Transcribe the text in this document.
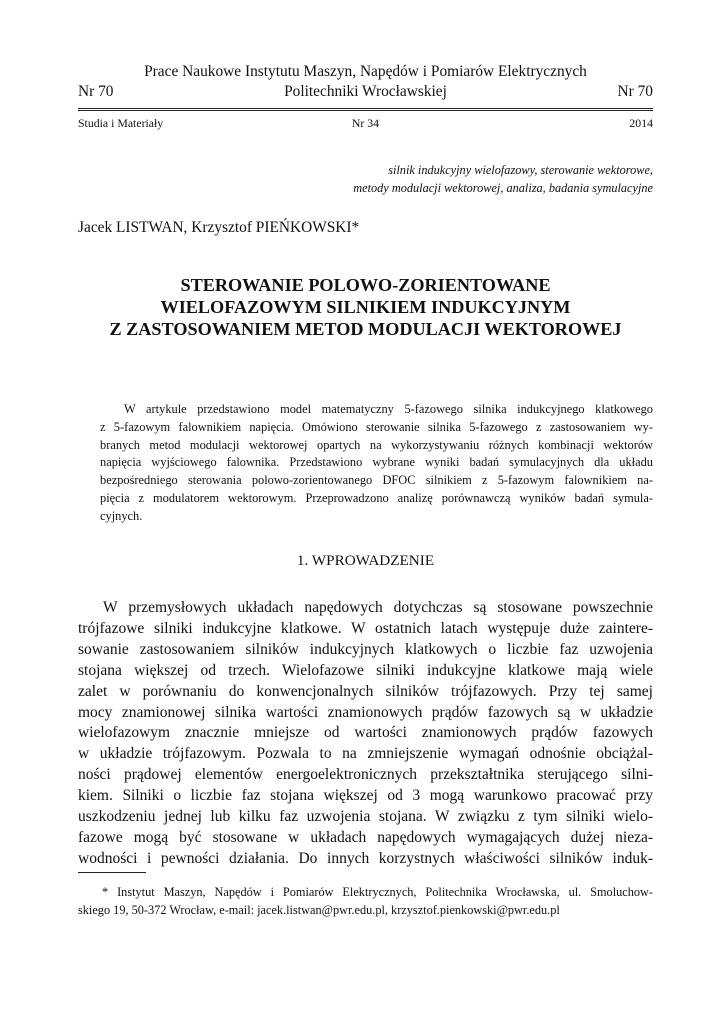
Prace Naukowe Instytutu Maszyn, Napędów i Pomiarów Elektrycznych
Nr 70	Politechniki Wrocławskiej	Nr 70
Studia i Materiały	Nr 34	2014
silnik indukcyjny wielofazowy, sterowanie wektorowe,
metody modulacji wektorowej, analiza, badania symulacyjne
Jacek LISTWAN, Krzysztof PIEŃKOWSKI*
STEROWANIE POLOWO-ZORIENTOWANE
WIELOFAZOWYM SILNIKIEM INDUKCYJNYM
Z ZASTOSOWANIEM METOD MODULACJI WEKTOROWEJ
W artykule przedstawiono model matematyczny 5-fazowego silnika indukcyjnego klatkowego
z 5-fazowym falownikiem napięcia. Omówiono sterowanie silnika 5-fazowego z zastosowaniem wy-
branych metod modulacji wektorowej opartych na wykorzystywaniu różnych kombinacji wektorów
napięcia wyjściowego falownika. Przedstawiono wybrane wyniki badań symulacyjnych dla układu
bezpośredniego sterowania polowo-zorientowanego DFOC silnikiem z 5-fazowym falownikiem na-
pięcia z modulatorem wektorowym. Przeprowadzono analizę porównawczą wyników badań symula-
cyjnych.
1. WPROWADZENIE
W przemysłowych układach napędowych dotychczas są stosowane powszechnie
trójfazowe silniki indukcyjne klatkowe. W ostatnich latach występuje duże zaintere-
sowanie zastosowaniem silników indukcyjnych klatkowych o liczbie faz uzwojenia
stojana większej od trzech. Wielofazowe silniki indukcyjne klatkowe mają wiele
zalet w porównaniu do konwencjonalnych silników trójfazowych. Przy tej samej
mocy znamionowej silnika wartości znamionowych prądów fazowych są w układzie
wielofazowym znacznie mniejsze od wartości znamionowych prądów fazowych
w układzie trójfazowym. Pozwala to na zmniejszenie wymagań odnośnie obciążal-
ności prądowej elementów energoelektronicznych przekształtnika sterującego silni-
kiem. Silniki o liczbie faz stojana większej od 3 mogą warunkowo pracować przy
uszkodzeniu jednej lub kilku faz uzwojenia stojana. W związku z tym silniki wielo-
fazowe mogą być stosowane w układach napędowych wymagających dużej nieza-
wodności i pewności działania. Do innych korzystnych właściwości silników induk-
* Instytut Maszyn, Napędów i Pomiarów Elektrycznych, Politechnika Wrocławska, ul. Smoluchow-
skiego 19, 50-372 Wrocław, e-mail: jacek.listwan@pwr.edu.pl, krzysztof.pienkowski@pwr.edu.pl
